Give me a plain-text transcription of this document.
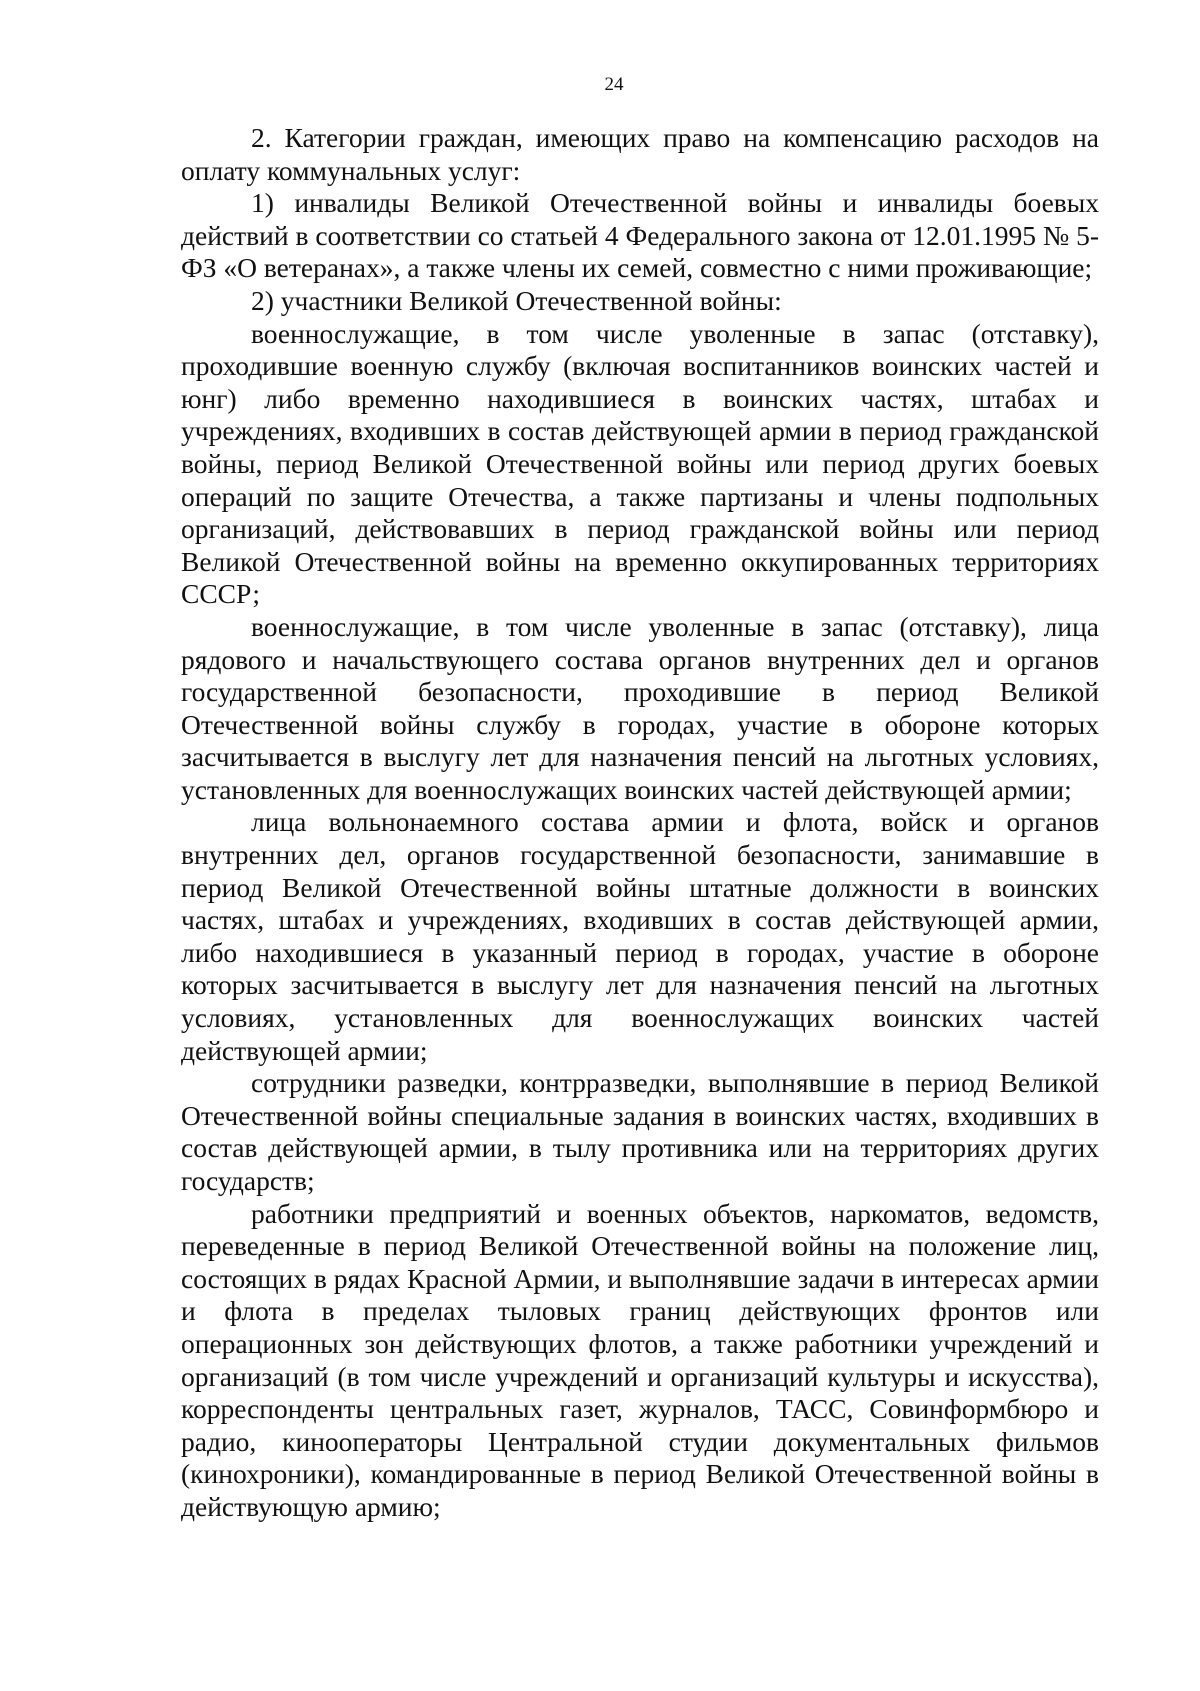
24

2. Категории граждан, имеющих право на компенсацию расходов на оплату коммунальных услуг:

1) инвалиды Великой Отечественной войны и инвалиды боевых действий в соответствии со статьей 4 Федерального закона от 12.01.1995 № 5-ФЗ «О ветеранах», а также члены их семей, совместно с ними проживающие;

2) участники Великой Отечественной войны:

военнослужащие, в том числе уволенные в запас (отставку), проходившие военную службу (включая воспитанников воинских частей и юнг) либо временно находившиеся в воинских частях, штабах и учреждениях, входивших в состав действующей армии в период гражданской войны, период Великой Отечественной войны или период других боевых операций по защите Отечества, а также партизаны и члены подпольных организаций, действовавших в период гражданской войны или период Великой Отечественной войны на временно оккупированных территориях СССР;

военнослужащие, в том числе уволенные в запас (отставку), лица рядового и начальствующего состава органов внутренних дел и органов государственной безопасности, проходившие в период Великой Отечественной войны службу в городах, участие в обороне которых засчитывается в выслугу лет для назначения пенсий на льготных условиях, установленных для военнослужащих воинских частей действующей армии;

лица вольнонаемного состава армии и флота, войск и органов внутренних дел, органов государственной безопасности, занимавшие в период Великой Отечественной войны штатные должности в воинских частях, штабах и учреждениях, входивших в состав действующей армии, либо находившиеся в указанный период в городах, участие в обороне которых засчитывается в выслугу лет для назначения пенсий на льготных условиях, установленных для военнослужащих воинских частей действующей армии;

сотрудники разведки, контрразведки, выполнявшие в период Великой Отечественной войны специальные задания в воинских частях, входивших в состав действующей армии, в тылу противника или на территориях других государств;

работники предприятий и военных объектов, наркоматов, ведомств, переведенные в период Великой Отечественной войны на положение лиц, состоящих в рядах Красной Армии, и выполнявшие задачи в интересах армии и флота в пределах тыловых границ действующих фронтов или операционных зон действующих флотов, а также работники учреждений и организаций (в том числе учреждений и организаций культуры и искусства), корреспонденты центральных газет, журналов, ТАСС, Совинформбюро и радио, кинооператоры Центральной студии документальных фильмов (кинохроники), командированные в период Великой Отечественной войны в действующую армию;
